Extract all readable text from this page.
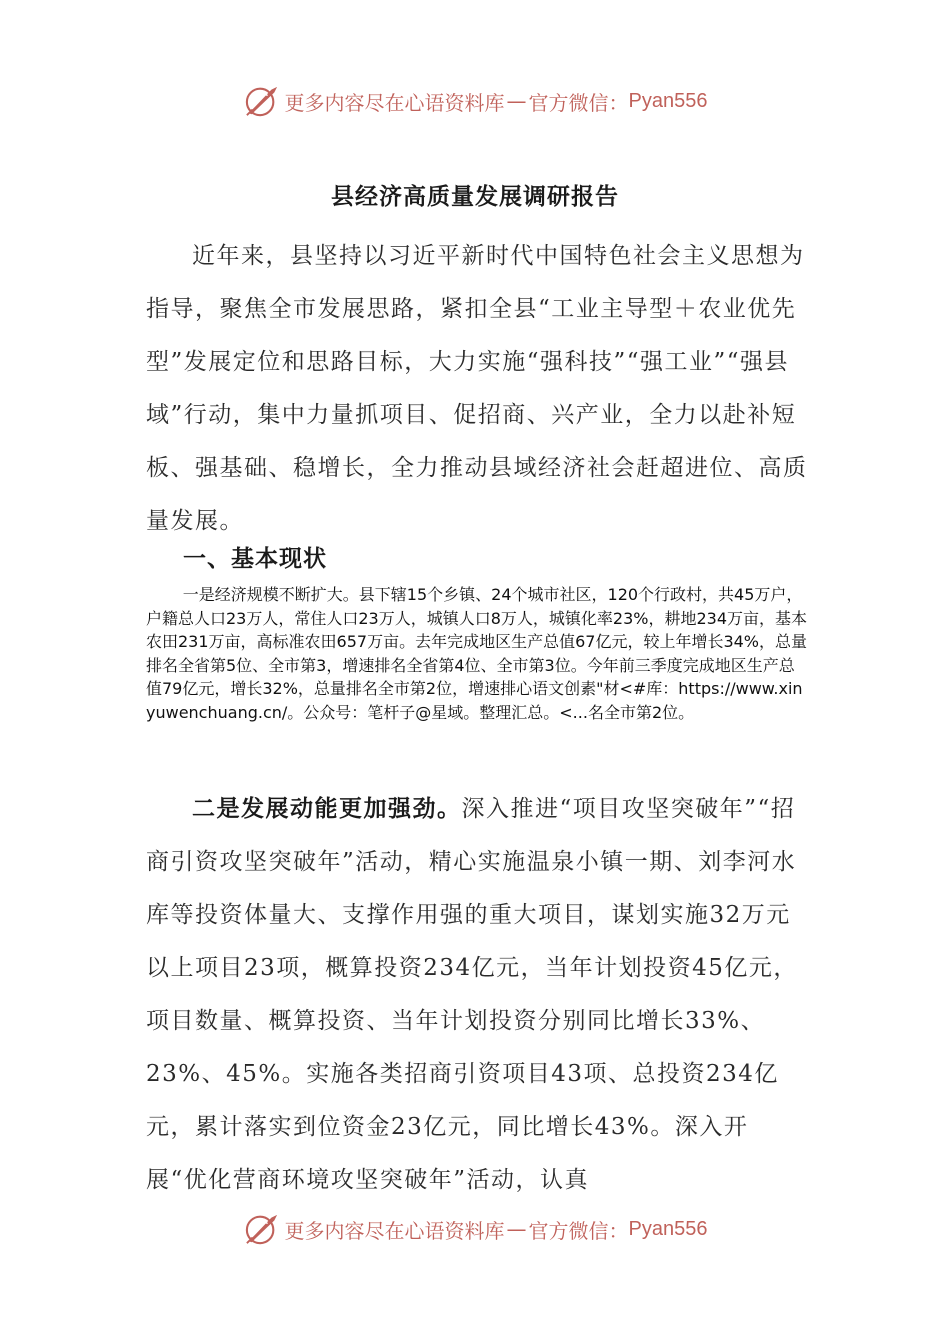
更多内容尽在心语资料库 — 官方微信： Pyan556
县经济高质量发展调研报告

近年来，县坚持以习近平新时代中国特色社会主义思想为指导，聚焦全市发展思路，紧扣全县“工业主导型＋农业优先型”发展定位和思路目标，大力实施“强科技”“强工业”“强县域”行动，集中力量抓项目、促招商、兴产业，全力以赴补短板、强基础、稳增长，全力推动县域经济社会赶超进位、高质量发展。

一、基本现状

一是经济规模不断扩大。县下辖15个乡镇、24个城市社区，120个行政村，共45万户，户籍总人口23万人，常住人口23万人，城镇人口8万人，城镇化率23%，耕地234万亩，基本农田231万亩，高标准农田657万亩。去年完成地区生产总值67亿元，较上年增长34%，总量排名全省第5位、全市第3，增速排名全省第4位、全市第3位。今年前三季度完成地区生产总值79亿元，增长32%，总量排名全市第2位，增速排心语文创素"材<#库：https://www.xinyuwenchuang.cn/。公众号：笔杆子@星域。整理汇总。<...名全市第2位。

二是发展动能更加强劲。深入推进“项目攻坚突破年”“招商引资攻坚突破年”活动，精心实施温泉小镇一期、刘李河水库等投资体量大、支撑作用强的重大项目，谋划实施32万元以上项目23项，概算投资234亿元，当年计划投资45亿元，项目数量、概算投资、当年计划投资分别同比增长33%、23%、45%。实施各类招商引资项目43项、总投资234亿元，累计落实到位资金23亿元，同比增长43%。深入开展“优化营商环境攻坚突破年”活动，认真

更多内容尽在心语资料库 — 官方微信： Pyan556
